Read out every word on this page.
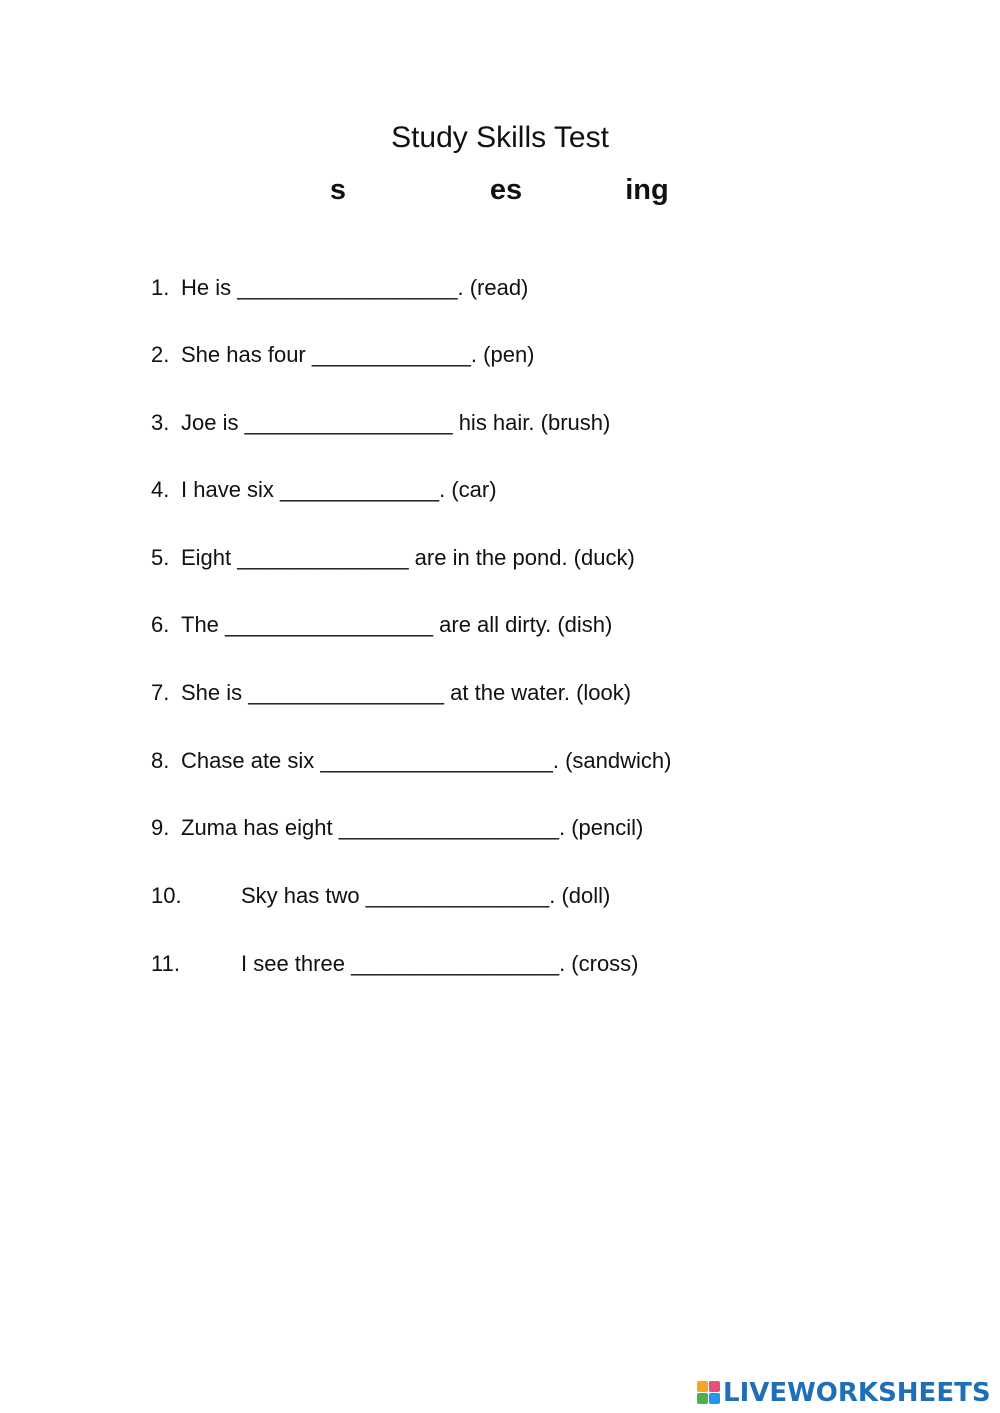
Study Skills Test
s	es	ing
1. He is __________________. (read)
2. She has four _____________. (pen)
3. Joe is _________________ his hair. (brush)
4. I have six _____________. (car)
5. Eight ______________ are in the pond. (duck)
6. The _________________ are all dirty. (dish)
7. She is ________________ at the water. (look)
8. Chase ate six ___________________. (sandwich)
9. Zuma has eight __________________. (pencil)
10.	Sky has two _______________. (doll)
11.	I see three _________________. (cross)
LIVEWORKSHEETS
